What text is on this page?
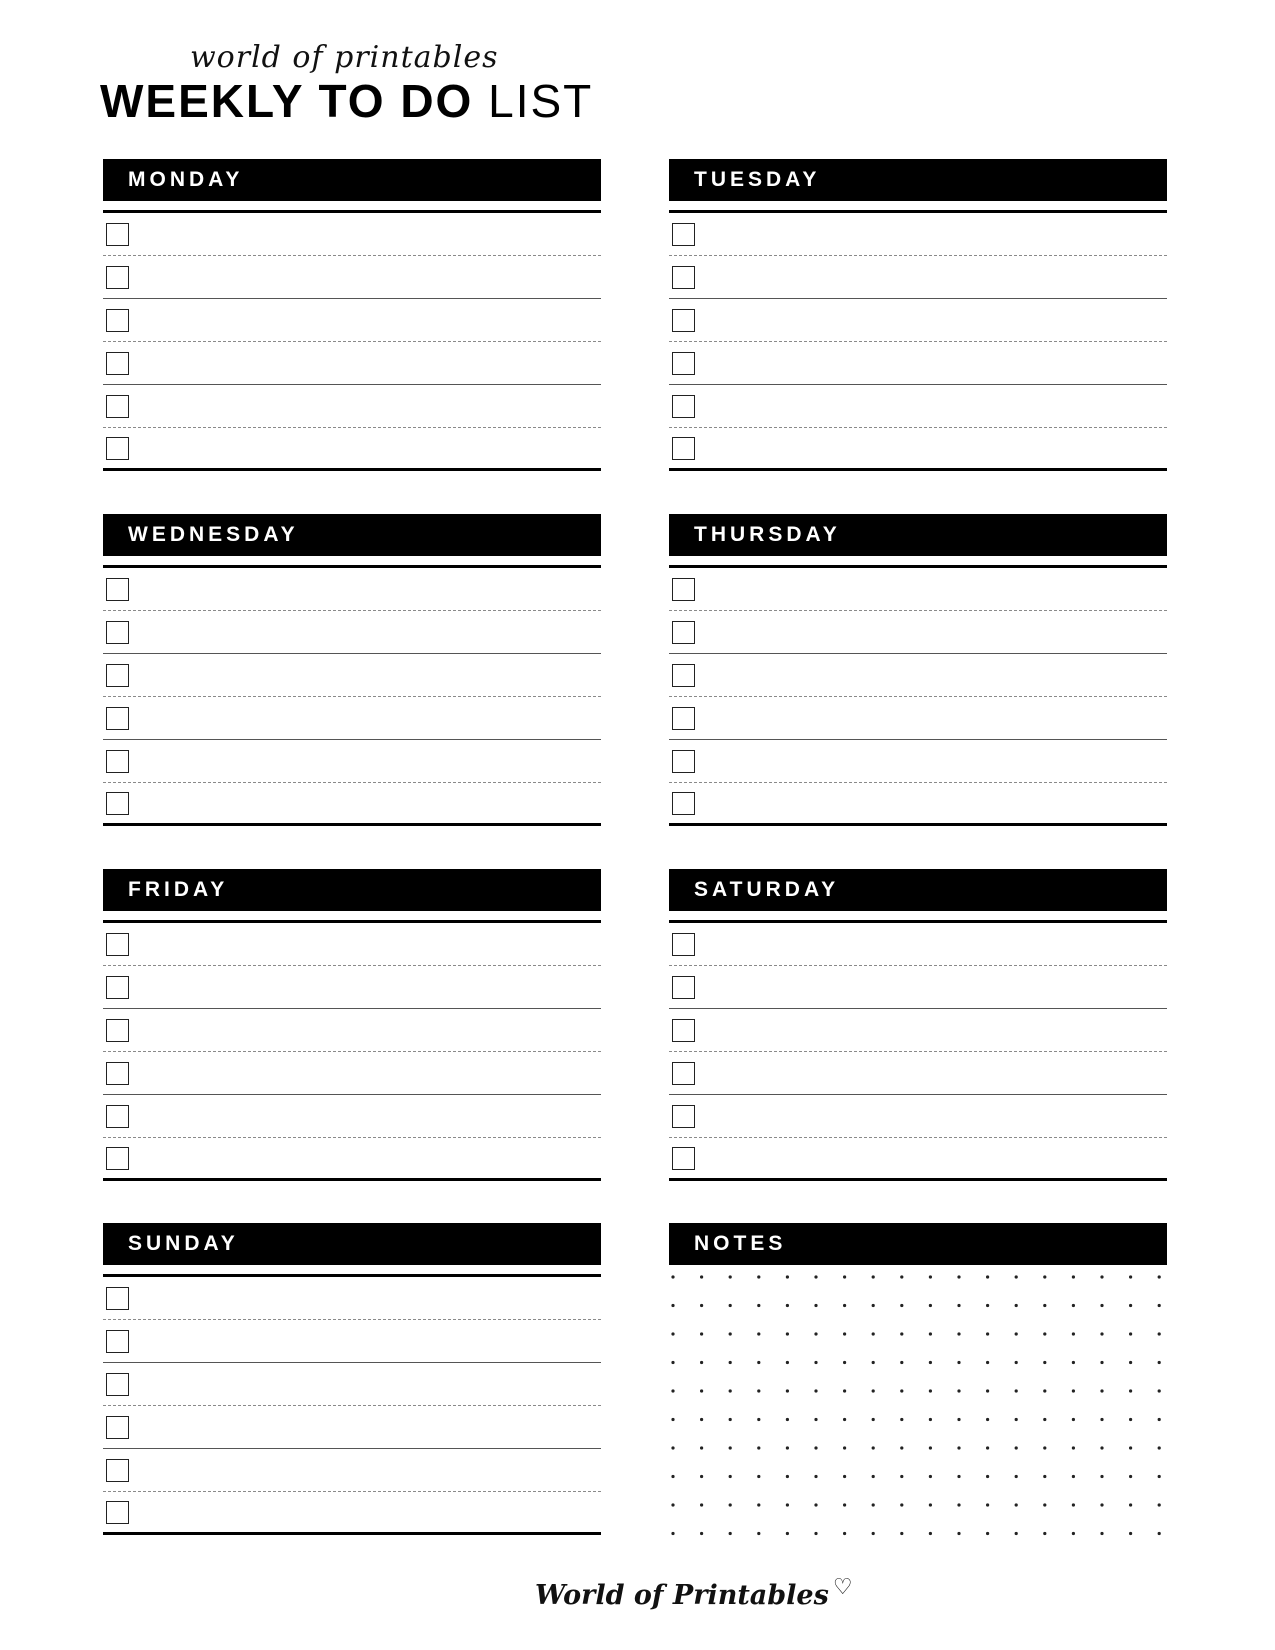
world of printables
WEEKLY TO DO LIST
MONDAY	TUESDAY
WEDNESDAY	THURSDAY
FRIDAY	SATURDAY
SUNDAY	NOTES
World of Printables ♡
